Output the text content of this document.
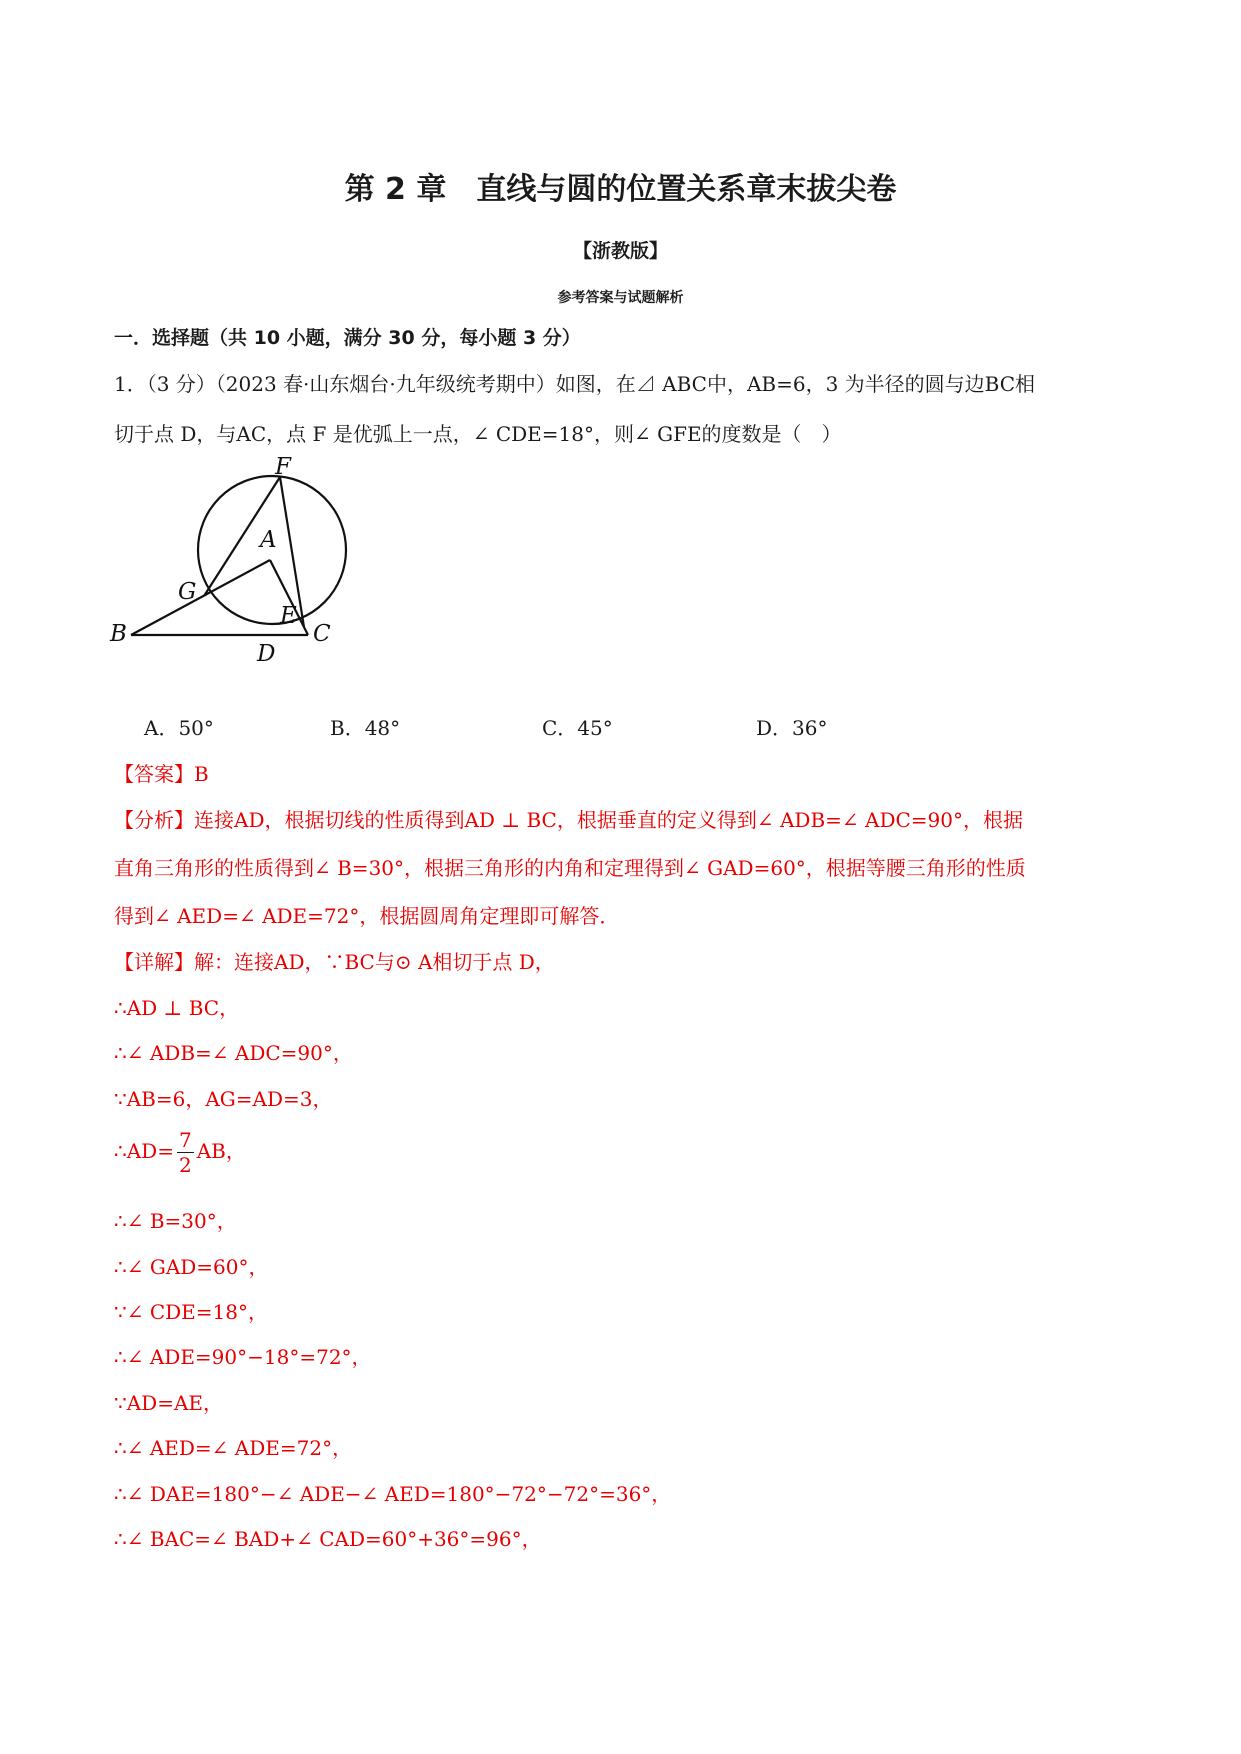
第 2 章　直线与圆的位置关系章末拔尖卷
【浙教版】
参考答案与试题解析
一．选择题（共 10 小题，满分 30 分，每小题 3 分）
1．（3 分）（2023 春·山东烟台·九年级统考期中）如图，在⊿ ABC中，AB=6，3 为半径的圆与边BC相
切于点 D，与AC，点 F 是优弧上一点，∠ CDE=18°，则∠ GFE的度数是（　）
F
A
G
E
B
D
C
A．50°	B．48°	C．45°	D．36°
【答案】B
【分析】连接AD，根据切线的性质得到AD ⊥ BC，根据垂直的定义得到∠ ADB=∠ ADC=90°，根据
直角三角形的性质得到∠ B=30°，根据三角形的内角和定理得到∠ GAD=60°，根据等腰三角形的性质
得到∠ AED=∠ ADE=72°，根据圆周角定理即可解答．
【详解】解：连接AD，∵BC与⊙ A相切于点 D，
∴AD ⊥ BC，
∴∠ ADB=∠ ADC=90°，
∵AB=6，AG=AD=3，
∴AD= $\frac{7}{2}$ AB，
∴∠ B=30°，
∴∠ GAD=60°，
∵∠ CDE=18°，
∴∠ ADE=90°−18°=72°，
∵AD=AE，
∴∠ AED=∠ ADE=72°，
∴∠ DAE=180°−∠ ADE−∠ AED=180°−72°−72°=36°，
∴∠ BAC=∠ BAD+∠ CAD=60°+36°=96°，
